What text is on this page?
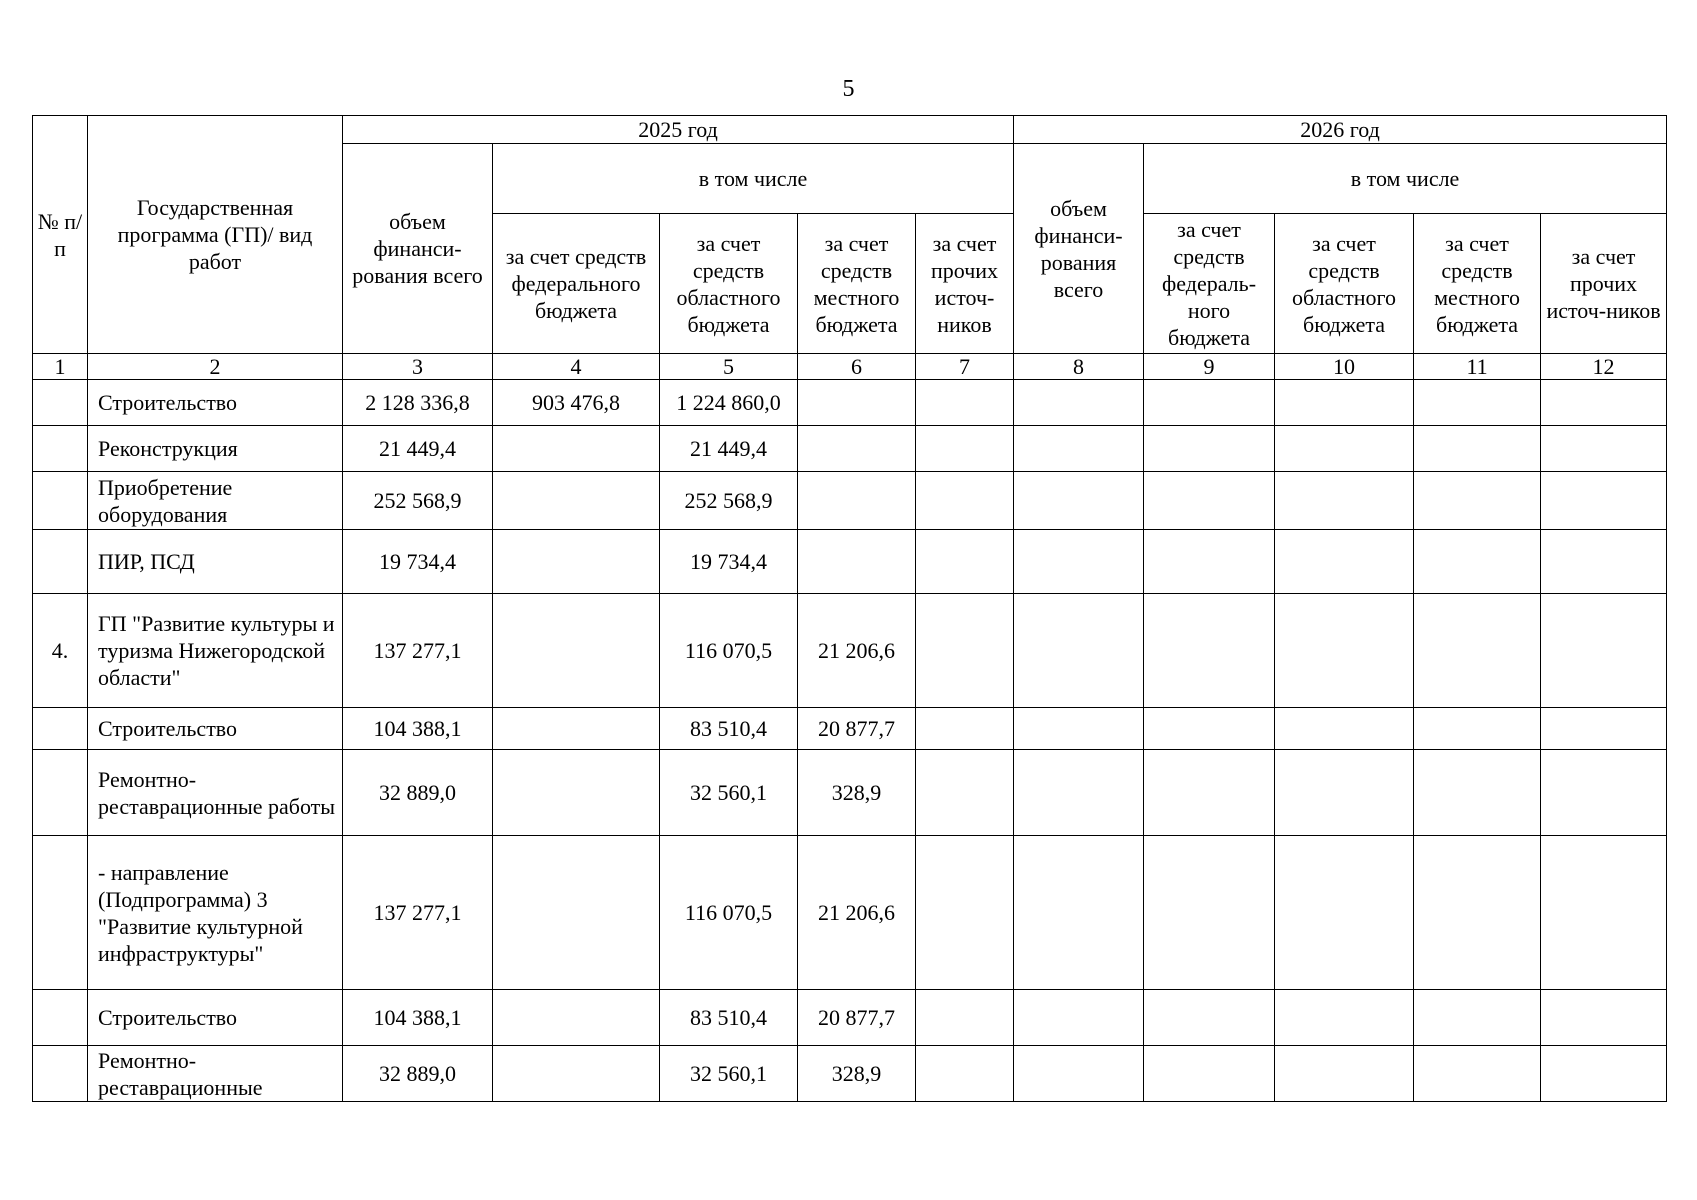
5
№ п/п	Государственная программа (ГП)/ вид работ	2025 год					2026 год				
		объем финанси-рования всего	в том числе				объем финанси-рования всего	в том числе			
			за счет средств федерального бюджета	за счет средств областного бюджета	за счет средств местного бюджета	за счет прочих источ-ников		за счет средств федераль-ного бюджета	за счет средств областного бюджета	за счет средств местного бюджета	за счет прочих источ-ников
1	2	3	4	5	6	7	8	9	10	11	12
	Строительство	2 128 336,8	903 476,8	1 224 860,0							
	Реконструкция	21 449,4		21 449,4							
	Приобретение оборудования	252 568,9		252 568,9							
	ПИР, ПСД	19 734,4		19 734,4							
4.	ГП "Развитие культуры и туризма Нижегородской области"	137 277,1		116 070,5	21 206,6						
	Строительство	104 388,1		83 510,4	20 877,7						
	Ремонтно-реставрационные работы	32 889,0		32 560,1	328,9						
	- направление (Подпрограмма) 3 "Развитие культурной инфраструктуры"	137 277,1		116 070,5	21 206,6						
	Строительство	104 388,1		83 510,4	20 877,7						
	Ремонтно-реставрационные	32 889,0		32 560,1	328,9						
